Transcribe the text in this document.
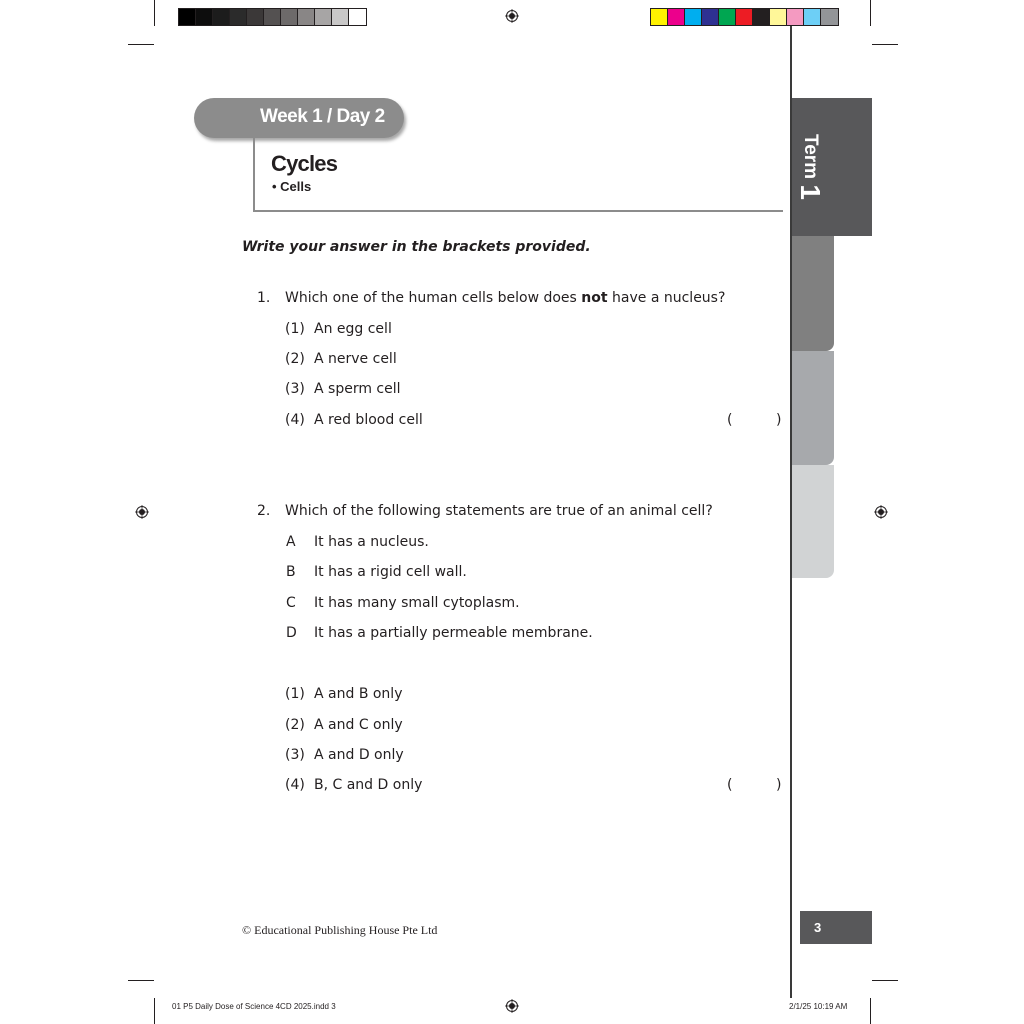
Term 1
Week 1 / Day 2
Cycles
• Cells
Write your answer in the brackets provided.
1. Which one of the human cells below does not have a nucleus?
(1) An egg cell
(2) A nerve cell
(3) A sperm cell
(4) A red blood cell	(	)
2. Which of the following statements are true of an animal cell?
A It has a nucleus.
B It has a rigid cell wall.
C It has many small cytoplasm.
D It has a partially permeable membrane.
(1) A and B only
(2) A and C only
(3) A and D only
(4) B, C and D only	(	)
© Educational Publishing House Pte Ltd	3
01 P5 Daily Dose of Science 4CD 2025.indd 3	2/1/25 10:19 AM
